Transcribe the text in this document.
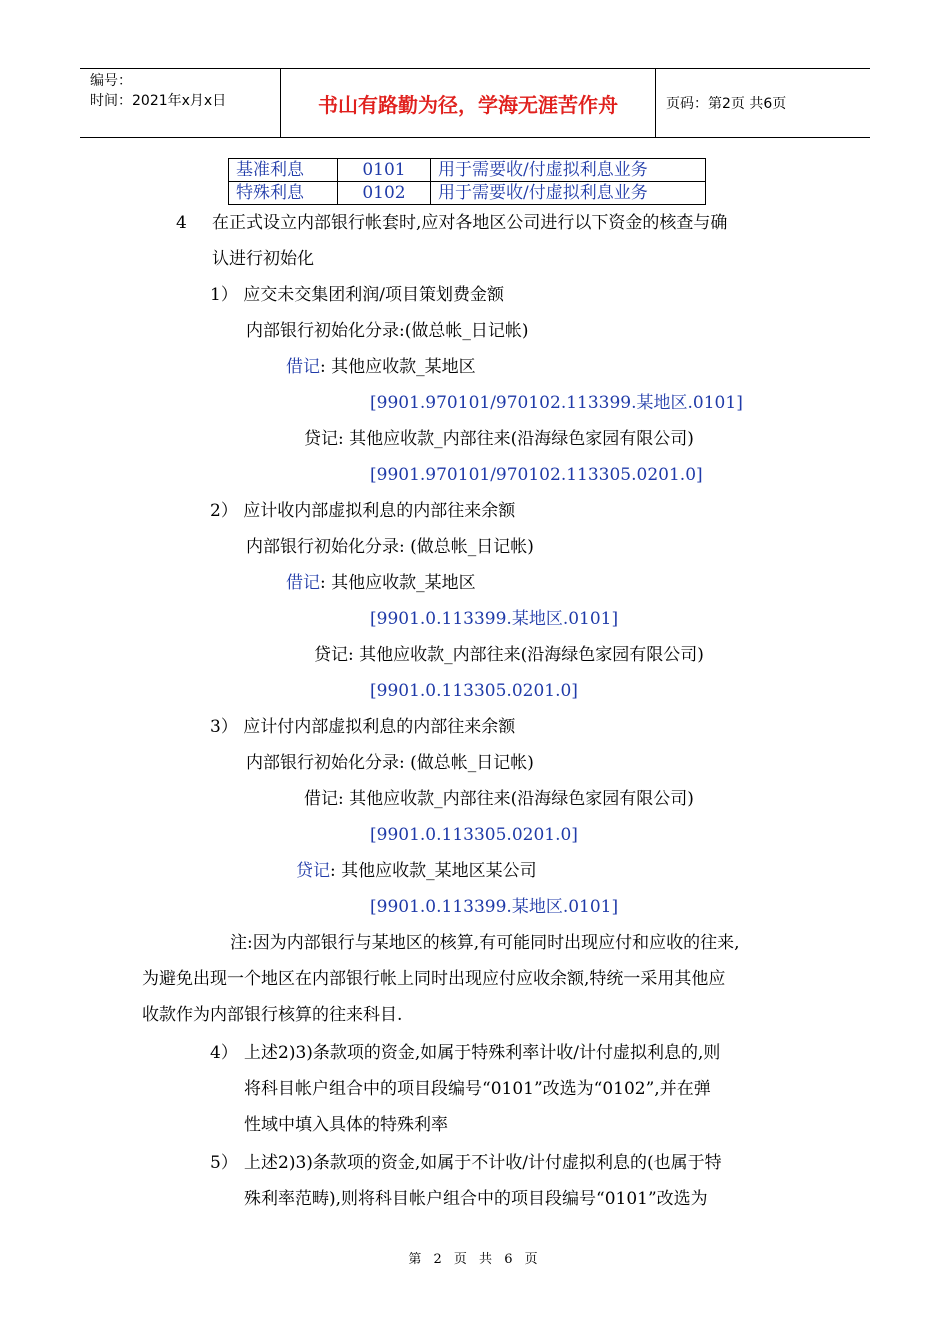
编号：
时间：2021年x月x日	书山有路勤为径，学海无涯苦作舟	页码：第2页 共6页
基准利息	0101	用于需要收/付虚拟利息业务
特殊利息	0102	用于需要收/付虚拟利息业务
4 在正式设立内部银行帐套时,应对各地区公司进行以下资金的核查与确
认进行初始化
1） 应交未交集团利润/项目策划费金额
内部银行初始化分录:(做总帐_日记帐)
借记: 其他应收款_某地区
[9901.970101/970102.113399.某地区.0101]
贷记: 其他应收款_内部往来(沿海绿色家园有限公司)
[9901.970101/970102.113305.0201.0]
2） 应计收内部虚拟利息的内部往来余额
内部银行初始化分录: (做总帐_日记帐)
借记: 其他应收款_某地区
[9901.0.113399.某地区.0101]
贷记: 其他应收款_内部往来(沿海绿色家园有限公司)
[9901.0.113305.0201.0]
3） 应计付内部虚拟利息的内部往来余额
内部银行初始化分录: (做总帐_日记帐)
借记: 其他应收款_内部往来(沿海绿色家园有限公司)
[9901.0.113305.0201.0]
贷记: 其他应收款_某地区某公司
[9901.0.113399.某地区.0101]
注:因为内部银行与某地区的核算,有可能同时出现应付和应收的往来,
为避免出现一个地区在内部银行帐上同时出现应付应收余额,特统一采用其他应
收款作为内部银行核算的往来科目.
4） 上述2)3)条款项的资金,如属于特殊利率计收/计付虚拟利息的,则
将科目帐户组合中的项目段编号“0101”改选为“0102”,并在弹
性域中填入具体的特殊利率
5） 上述2)3)条款项的资金,如属于不计收/计付虚拟利息的(也属于特
殊利率范畴),则将科目帐户组合中的项目段编号“0101”改选为
第 2 页 共 6 页
